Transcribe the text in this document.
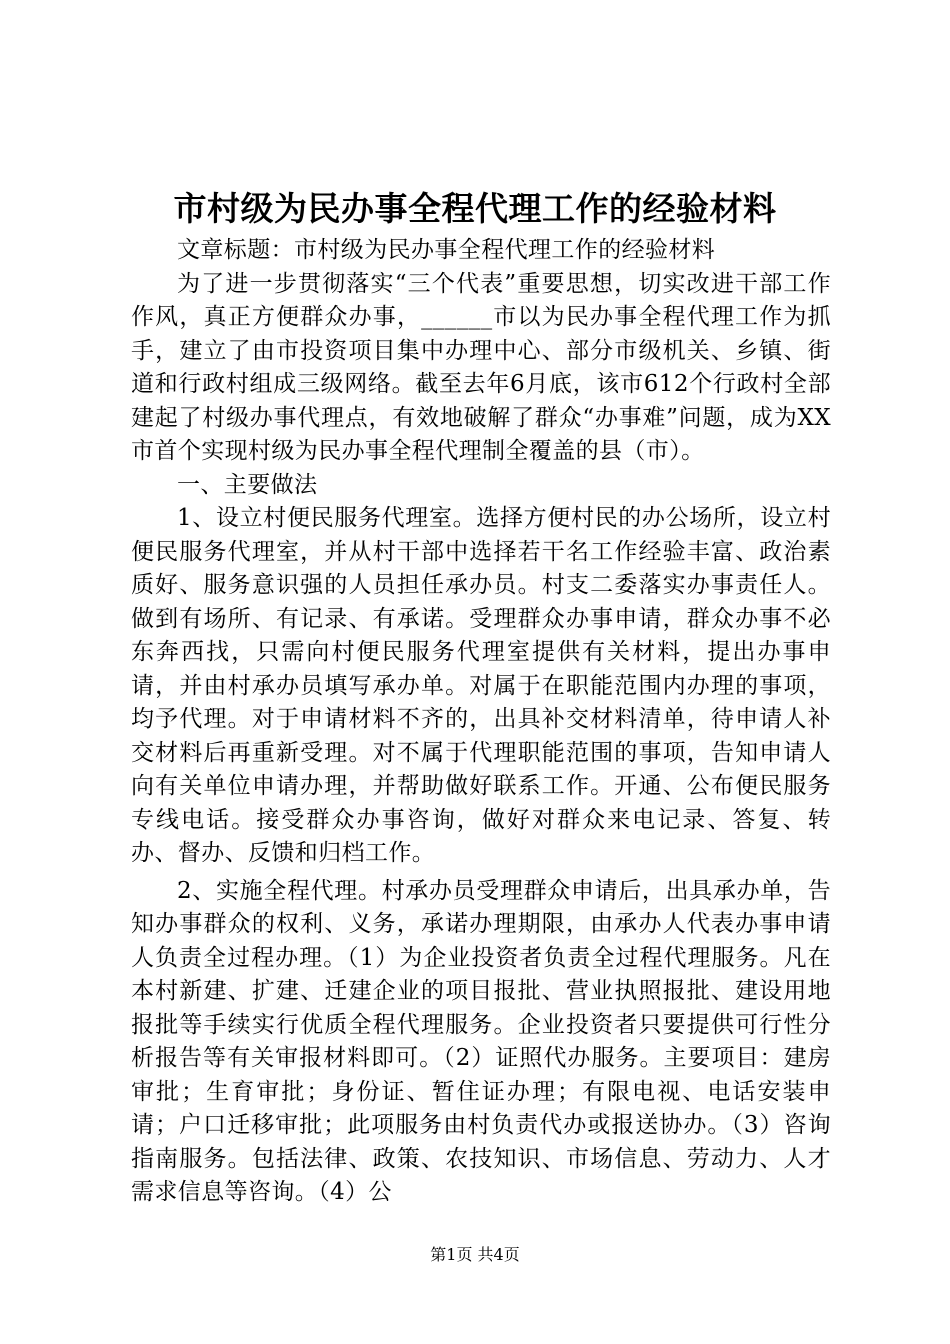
市村级为民办事全程代理工作的经验材料

文章标题：市村级为民办事全程代理工作的经验材料

为了进一步贯彻落实“三个代表”重要思想，切实改进干部工作作风，真正方便群众办事，______市以为民办事全程代理工作为抓手，建立了由市投资项目集中办理中心、部分市级机关、乡镇、街道和行政村组成三级网络。截至去年6月底，该市612个行政村全部建起了村级办事代理点，有效地破解了群众“办事难”问题，成为XX市首个实现村级为民办事全程代理制全覆盖的县（市）。

一、主要做法

1、设立村便民服务代理室。选择方便村民的办公场所，设立村便民服务代理室，并从村干部中选择若干名工作经验丰富、政治素质好、服务意识强的人员担任承办员。村支二委落实办事责任人。做到有场所、有记录、有承诺。受理群众办事申请，群众办事不必东奔西找，只需向村便民服务代理室提供有关材料，提出办事申请，并由村承办员填写承办单。对属于在职能范围内办理的事项，均予代理。对于申请材料不齐的，出具补交材料清单，待申请人补交材料后再重新受理。对不属于代理职能范围的事项，告知申请人向有关单位申请办理，并帮助做好联系工作。开通、公布便民服务专线电话。接受群众办事咨询，做好对群众来电记录、答复、转办、督办、反馈和归档工作。

2、实施全程代理。村承办员受理群众申请后，出具承办单，告知办事群众的权利、义务，承诺办理期限，由承办人代表办事申请人负责全过程办理。（1）为企业投资者负责全过程代理服务。凡在本村新建、扩建、迁建企业的项目报批、营业执照报批、建设用地报批等手续实行优质全程代理服务。企业投资者只要提供可行性分析报告等有关审报材料即可。（2）证照代办服务。主要项目：建房审批；生育审批；身份证、暂住证办理；有限电视、电话安装申请；户口迁移审批；此项服务由村负责代办或报送协办。（3）咨询指南服务。包括法律、政策、农技知识、市场信息、劳动力、人才需求信息等咨询。（4）公

第1页 共4页
